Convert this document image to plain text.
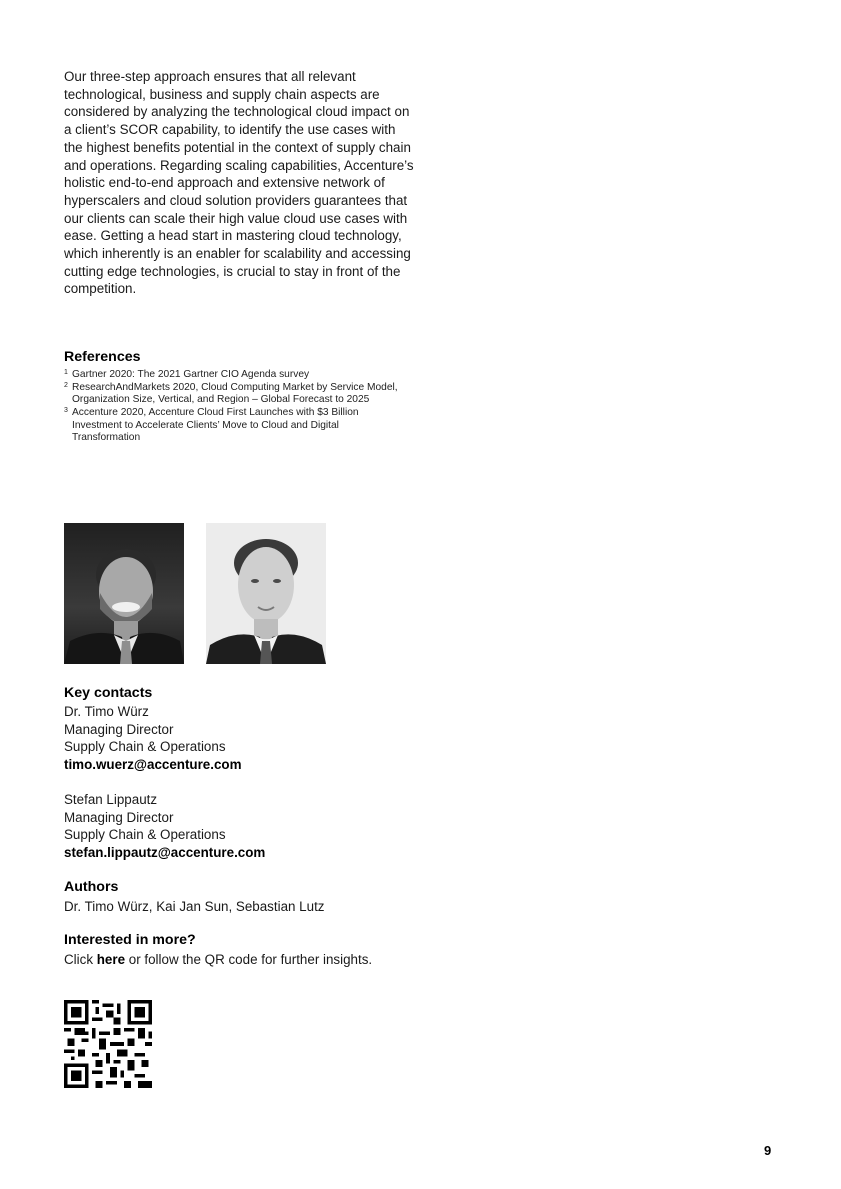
Our three-step approach ensures that all relevant technological, business and supply chain aspects are considered by analyzing the technological cloud impact on a client’s SCOR capability, to identify the use cases with the highest benefits potential in the context of supply chain and operations. Regarding scaling capabilities, Accenture’s holistic end-to-end approach and extensive network of hyperscalers and cloud solution providers guarantees that our clients can scale their high value cloud use cases with ease. Getting a head start in mastering cloud technology, which inherently is an enabler for scalability and accessing cutting edge technologies, is crucial to stay in front of the competition.

References
1 Gartner 2020: The 2021 Gartner CIO Agenda survey
2 ResearchAndMarkets 2020, Cloud Computing Market by Service Model, Organization Size, Vertical, and Region – Global Forecast to 2025
3 Accenture 2020, Accenture Cloud First Launches with $3 Billion Investment to Accelerate Clients’ Move to Cloud and Digital Transformation
Key contacts
Dr. Timo Würz
Managing Director
Supply Chain & Operations
timo.wuerz@accenture.com
Stefan Lippautz
Managing Director
Supply Chain & Operations
stefan.lippautz@accenture.com
Authors
Dr. Timo Würz, Kai Jan Sun, Sebastian Lutz
Interested in more?
Click here or follow the QR code for further insights.
9
